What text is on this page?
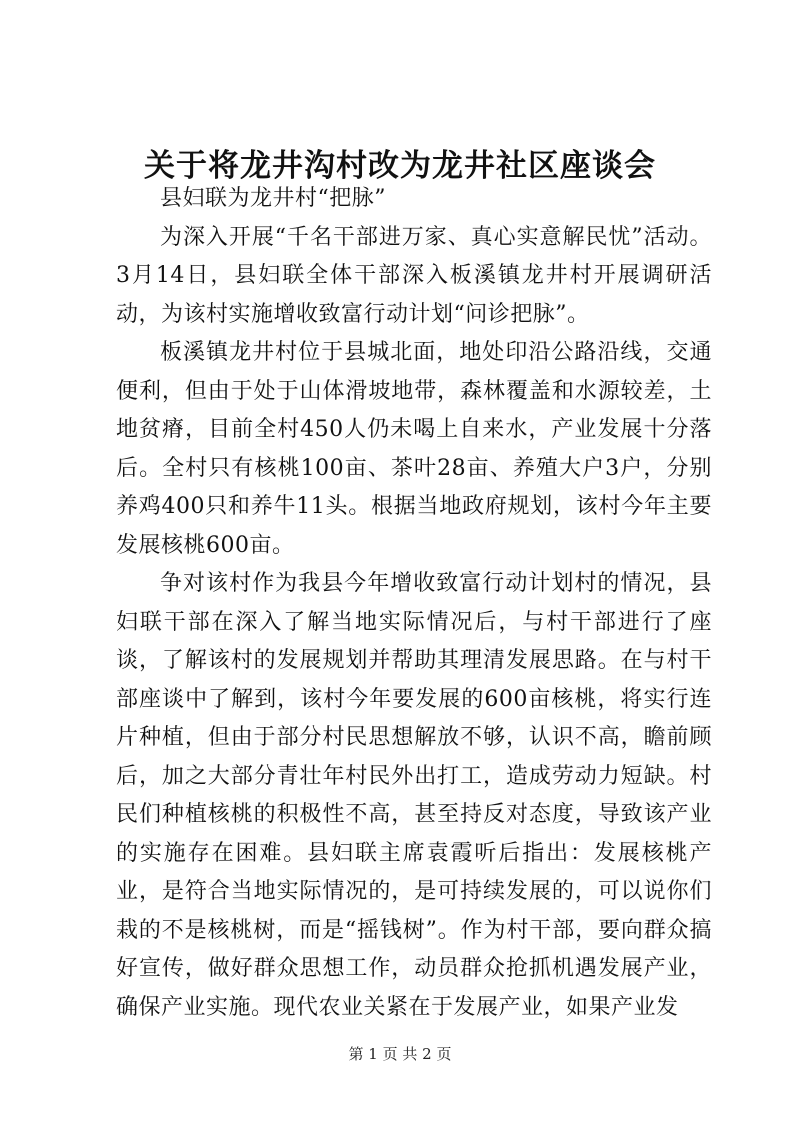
关于将龙井沟村改为龙井社区座谈会

县妇联为龙井村“把脉”

为深入开展“千名干部进万家、真心实意解民忧”活动。3月14日，县妇联全体干部深入板溪镇龙井村开展调研活动，为该村实施增收致富行动计划“问诊把脉”。

板溪镇龙井村位于县城北面，地处印沿公路沿线，交通便利，但由于处于山体滑坡地带，森林覆盖和水源较差，土地贫瘠，目前全村450人仍未喝上自来水，产业发展十分落后。全村只有核桃100亩、茶叶28亩、养殖大户3户，分别养鸡400只和养牛11头。根据当地政府规划，该村今年主要发展核桃600亩。

争对该村作为我县今年增收致富行动计划村的情况，县妇联干部在深入了解当地实际情况后，与村干部进行了座谈，了解该村的发展规划并帮助其理清发展思路。在与村干部座谈中了解到，该村今年要发展的600亩核桃，将实行连片种植，但由于部分村民思想解放不够，认识不高，瞻前顾后，加之大部分青壮年村民外出打工，造成劳动力短缺。村民们种植核桃的积极性不高，甚至持反对态度，导致该产业的实施存在困难。县妇联主席袁霞听后指出：发展核桃产业，是符合当地实际情况的，是可持续发展的，可以说你们栽的不是核桃树，而是“摇钱树”。作为村干部，要向群众搞好宣传，做好群众思想工作，动员群众抢抓机遇发展产业，确保产业实施。现代农业关紧在于发展产业，如果产业发

第 1 页 共 2 页
